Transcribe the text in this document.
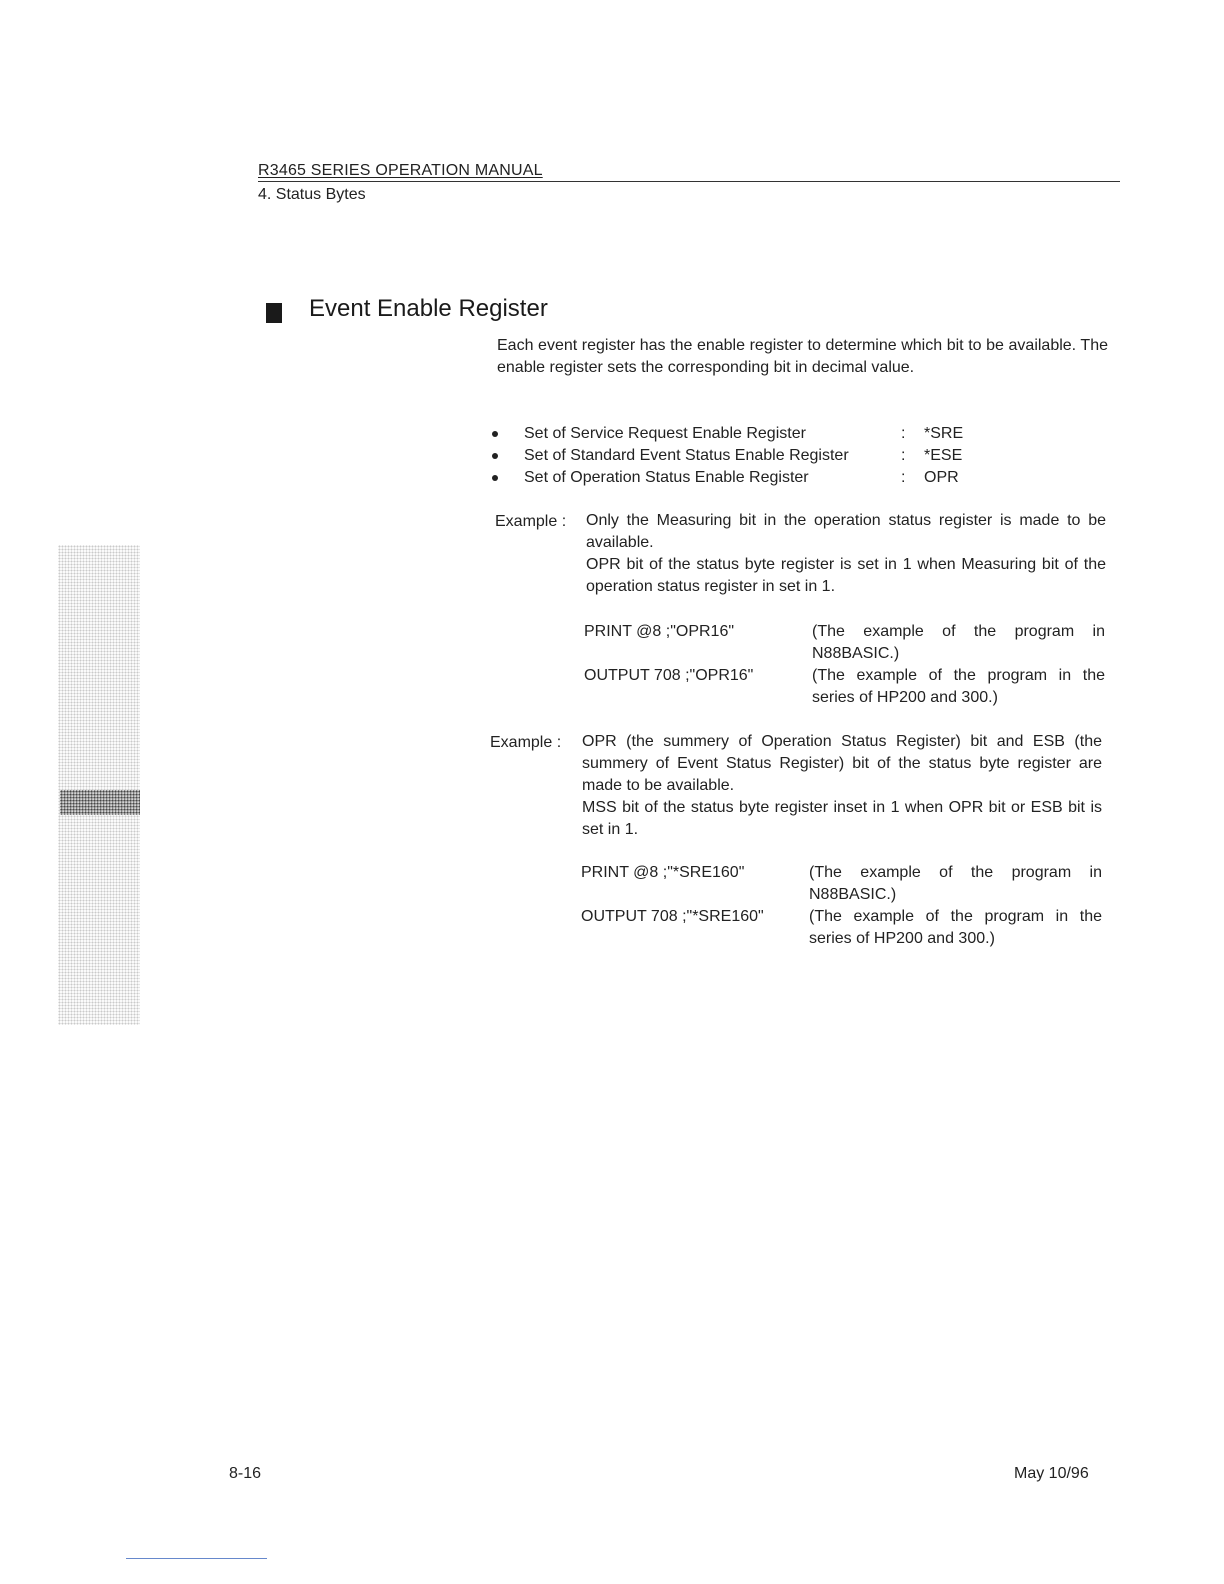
R3465 SERIES OPERATION MANUAL
4. Status Bytes
Event Enable Register
Each event register has the enable register to determine which bit to be available. The enable register sets the corresponding bit in decimal value.
Set of Service Request Enable Register	: *SRE
Set of Standard Event Status Enable Register	: *ESE
Set of Operation Status Enable Register	: OPR
Example : Only the Measuring bit in the operation status register is made to be available.
OPR bit of the status byte register is set in 1 when Measuring bit of the operation status register in set in 1.
PRINT @8 ;"OPR16"	(The example of the program in N88BASIC.)
OUTPUT 708 ;"OPR16"	(The example of the program in the series of HP200 and 300.)
Example : OPR (the summery of Operation Status Register) bit and ESB (the summery of Event Status Register) bit of the status byte register are made to be available.
MSS bit of the status byte register inset in 1 when OPR bit or ESB bit is set in 1.
PRINT @8 ;"*SRE160"	(The example of the program in N88BASIC.)
OUTPUT 708 ;"*SRE160"	(The example of the program in the series of HP200 and 300.)
8-16	May 10/96
